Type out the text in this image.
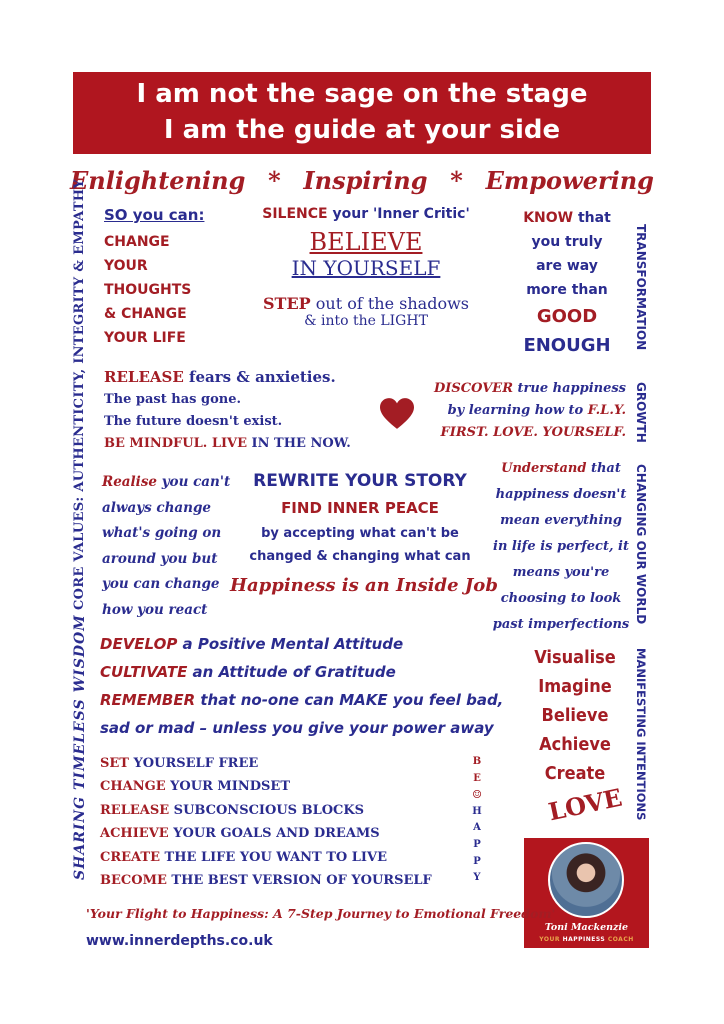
I am not the sage on the stage
I am the guide at your side
Enlightening * Inspiring * Empowering
CORE VALUES: AUTHENTICITY, INTEGRITY & EMPATHY
SHARING TIMELESS WISDOM
TRANSFORMATION
GROWTH
CHANGING OUR WORLD
MANIFESTING INTENTIONS
SO you can:
CHANGE
YOUR
THOUGHTS
& CHANGE
YOUR LIFE
SILENCE your 'Inner Critic'
BELIEVE
IN YOURSELF
STEP out of the shadows
& into the LIGHT
KNOW that
you truly
are way
more than
GOOD
ENOUGH
RELEASE fears & anxieties.
The past has gone.
The future doesn't exist.
BE MINDFUL. LIVE IN THE NOW.
DISCOVER true happiness
by learning how to F.L.Y.
FIRST. LOVE. YOURSELF.
Realise you can't
always change
what's going on
around you but
you can change
how you react
REWRITE YOUR STORY
FIND INNER PEACE
by accepting what can't be
changed & changing what can
Happiness is an Inside Job
Understand that
happiness doesn't
mean everything
in life is perfect, it
means you're
choosing to look
past imperfections
DEVELOP a Positive Mental Attitude
CULTIVATE an Attitude of Gratitude
REMEMBER that no-one can MAKE you feel bad,
sad or mad – unless you give your power away
Visualise
Imagine
Believe
Achieve
Create
LOVE
SET YOURSELF FREE
CHANGE YOUR MINDSET
RELEASE SUBCONSCIOUS BLOCKS
ACHIEVE YOUR GOALS AND DREAMS
CREATE THE LIFE YOU WANT TO LIVE
BECOME THE BEST VERSION OF YOURSELF
B
E
☺
H
A
P
P
Y
Toni Mackenzie
YOUR HAPPINESS COACH
'Your Flight to Happiness: A 7-Step Journey to Emotional Freedom'
www.innerdepths.co.uk
